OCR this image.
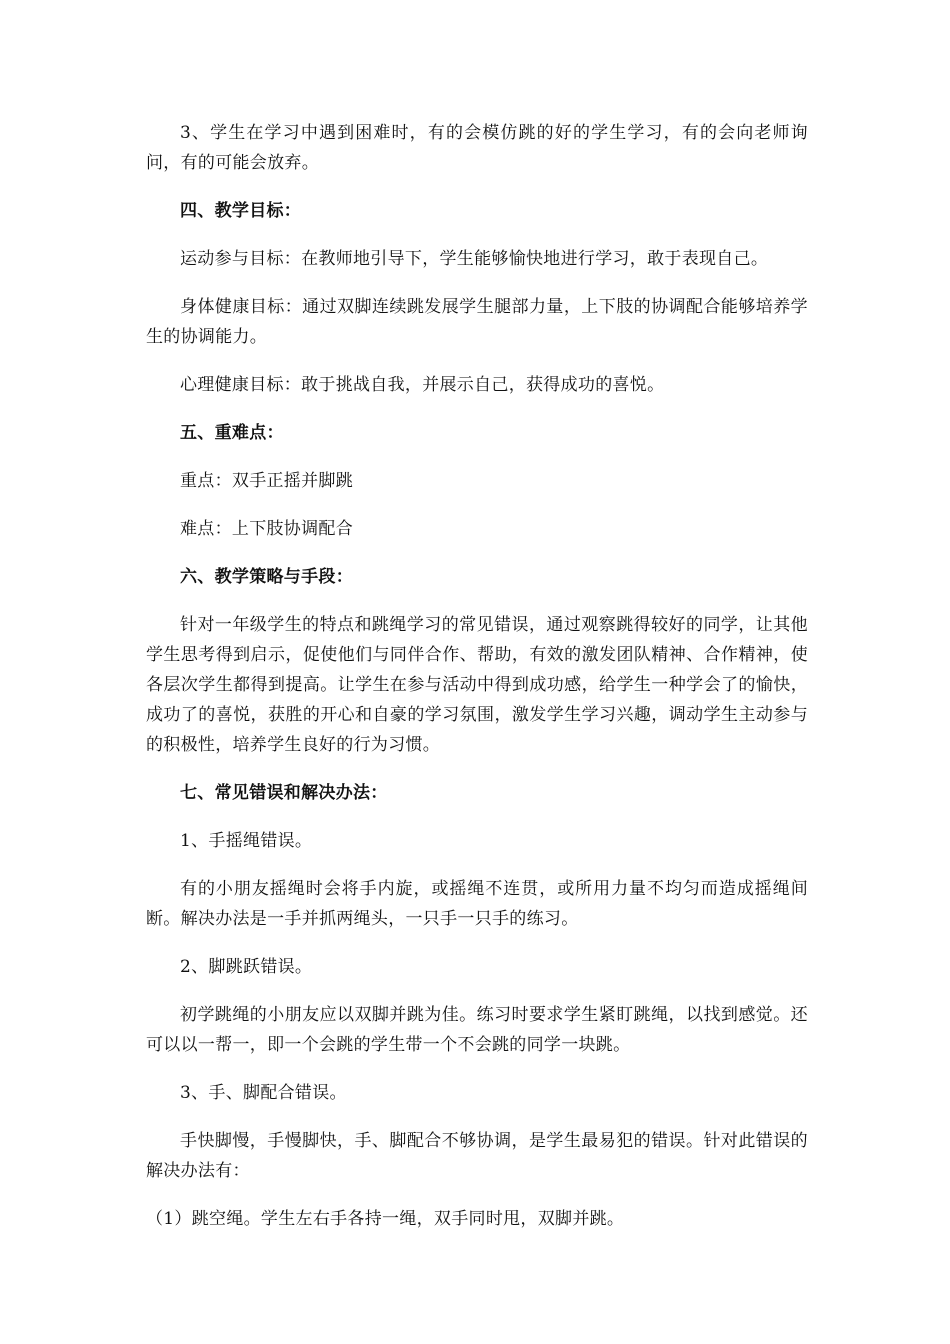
3、学生在学习中遇到困难时，有的会模仿跳的好的学生学习，有的会向老师询问，有的可能会放弃。

四、教学目标：

运动参与目标：在教师地引导下，学生能够愉快地进行学习，敢于表现自己。

身体健康目标：通过双脚连续跳发展学生腿部力量，上下肢的协调配合能够培养学生的协调能力。

心理健康目标：敢于挑战自我，并展示自己，获得成功的喜悦。

五、重难点：

重点：双手正摇并脚跳

难点：上下肢协调配合

六、教学策略与手段：

针对一年级学生的特点和跳绳学习的常见错误，通过观察跳得较好的同学，让其他学生思考得到启示，促使他们与同伴合作、帮助，有效的激发团队精神、合作精神，使各层次学生都得到提高。让学生在参与活动中得到成功感，给学生一种学会了的愉快，成功了的喜悦，获胜的开心和自豪的学习氛围，激发学生学习兴趣，调动学生主动参与的积极性，培养学生良好的行为习惯。

七、常见错误和解决办法：

1、手摇绳错误。

有的小朋友摇绳时会将手内旋，或摇绳不连贯，或所用力量不均匀而造成摇绳间断。解决办法是一手并抓两绳头，一只手一只手的练习。

2、脚跳跃错误。

初学跳绳的小朋友应以双脚并跳为佳。练习时要求学生紧盯跳绳，以找到感觉。还可以以一帮一，即一个会跳的学生带一个不会跳的同学一块跳。

3、手、脚配合错误。

手快脚慢，手慢脚快，手、脚配合不够协调，是学生最易犯的错误。针对此错误的解决办法有：

（1）跳空绳。学生左右手各持一绳，双手同时甩，双脚并跳。
